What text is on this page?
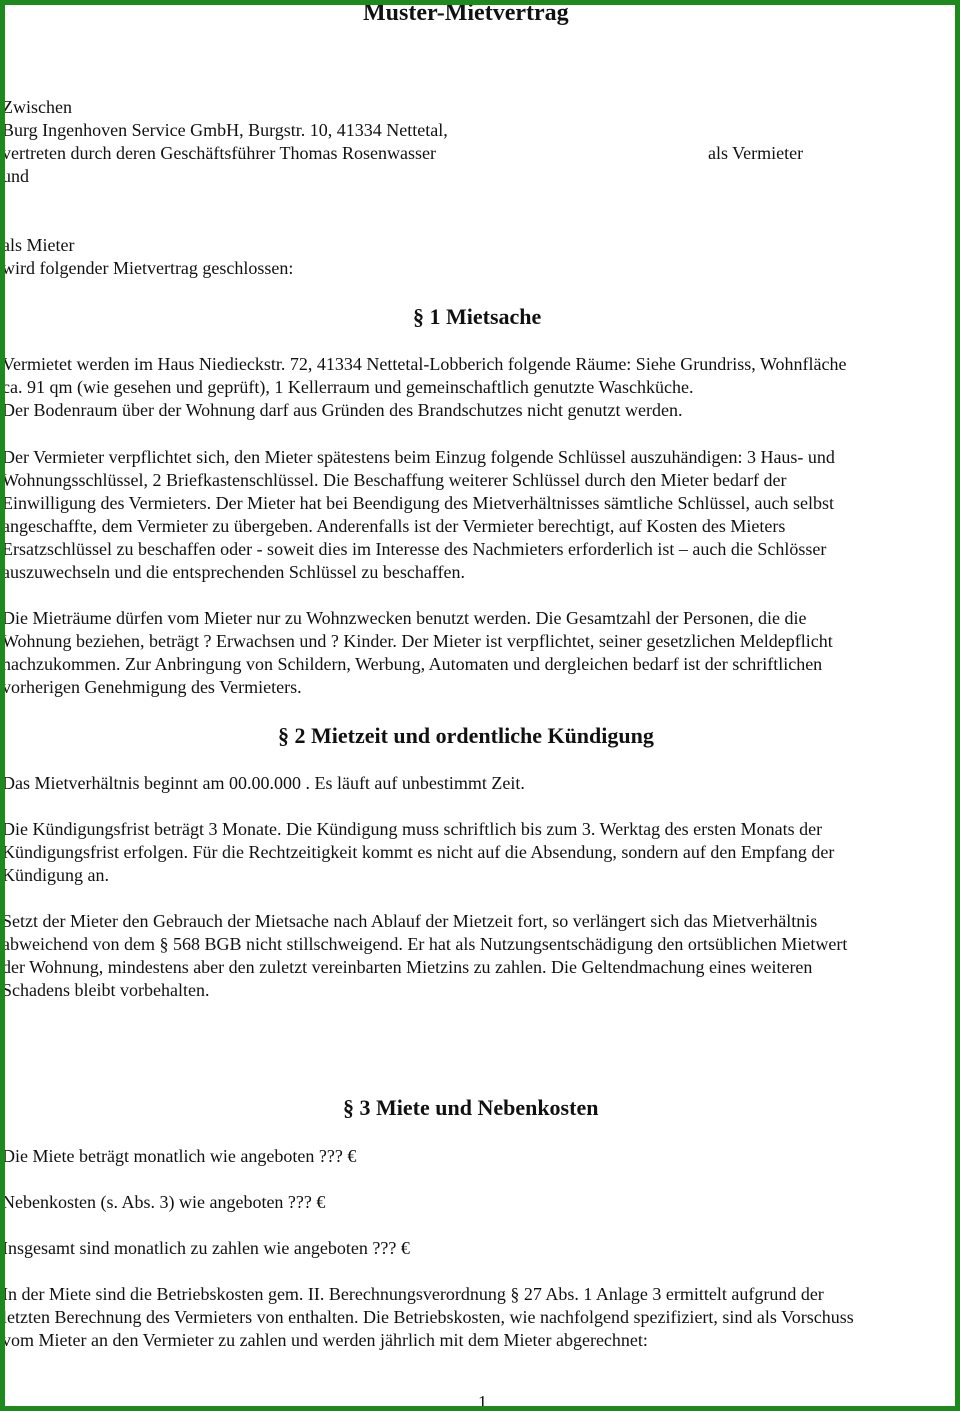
Muster-Mietvertrag
Zwischen
Burg Ingenhoven Service GmbH, Burgstr. 10, 41334 Nettetal,
vertreten durch deren Geschäftsführer Thomas Rosenwasser	als Vermieter
und
als Mieter
wird folgender Mietvertrag geschlossen:
§ 1 Mietsache
Vermietet werden im Haus Niedieckstr. 72, 41334 Nettetal-Lobberich folgende Räume: Siehe Grundriss, Wohnfläche
ca. 91 qm (wie gesehen und geprüft), 1 Kellerraum und gemeinschaftlich genutzte Waschküche.
Der Bodenraum über der Wohnung darf aus Gründen des Brandschutzes nicht genutzt werden.
Der Vermieter verpflichtet sich, den Mieter spätestens beim Einzug folgende Schlüssel auszuhändigen: 3 Haus- und
Wohnungsschlüssel, 2 Briefkastenschlüssel. Die Beschaffung weiterer Schlüssel durch den Mieter bedarf der
Einwilligung des Vermieters. Der Mieter hat bei Beendigung des Mietverhältnisses sämtliche Schlüssel, auch selbst
angeschaffte, dem Vermieter zu übergeben. Anderenfalls ist der Vermieter berechtigt, auf Kosten des Mieters
Ersatzschlüssel zu beschaffen oder - soweit dies im Interesse des Nachmieters erforderlich ist – auch die Schlösser
auszuwechseln und die entsprechenden Schlüssel zu beschaffen.
Die Mieträume dürfen vom Mieter nur zu Wohnzwecken benutzt werden. Die Gesamtzahl der Personen, die die
Wohnung beziehen, beträgt ? Erwachsen und ? Kinder. Der Mieter ist verpflichtet, seiner gesetzlichen Meldepflicht
nachzukommen. Zur Anbringung von Schildern, Werbung, Automaten und dergleichen bedarf ist der schriftlichen
vorherigen Genehmigung des Vermieters.
§ 2 Mietzeit und ordentliche Kündigung
Das Mietverhältnis beginnt am 00.00.000 . Es läuft auf unbestimmt Zeit.
Die Kündigungsfrist beträgt 3 Monate. Die Kündigung muss schriftlich bis zum 3. Werktag des ersten Monats der
Kündigungsfrist erfolgen. Für die Rechtzeitigkeit kommt es nicht auf die Absendung, sondern auf den Empfang der
Kündigung an.
Setzt der Mieter den Gebrauch der Mietsache nach Ablauf der Mietzeit fort, so verlängert sich das Mietverhältnis
abweichend von dem § 568 BGB nicht stillschweigend. Er hat als Nutzungsentschädigung den ortsüblichen Mietwert
der Wohnung, mindestens aber den zuletzt vereinbarten Mietzins zu zahlen. Die Geltendmachung eines weiteren
Schadens bleibt vorbehalten.
§ 3 Miete und Nebenkosten
Die Miete beträgt monatlich wie angeboten ??? €
Nebenkosten (s. Abs. 3) wie angeboten ??? €
Insgesamt sind monatlich zu zahlen wie angeboten ??? €
In der Miete sind die Betriebskosten gem. II. Berechnungsverordnung § 27 Abs. 1 Anlage 3 ermittelt aufgrund der
letzten Berechnung des Vermieters von enthalten. Die Betriebskosten, wie nachfolgend spezifiziert, sind als Vorschuss
vom Mieter an den Vermieter zu zahlen und werden jährlich mit dem Mieter abgerechnet:
1
